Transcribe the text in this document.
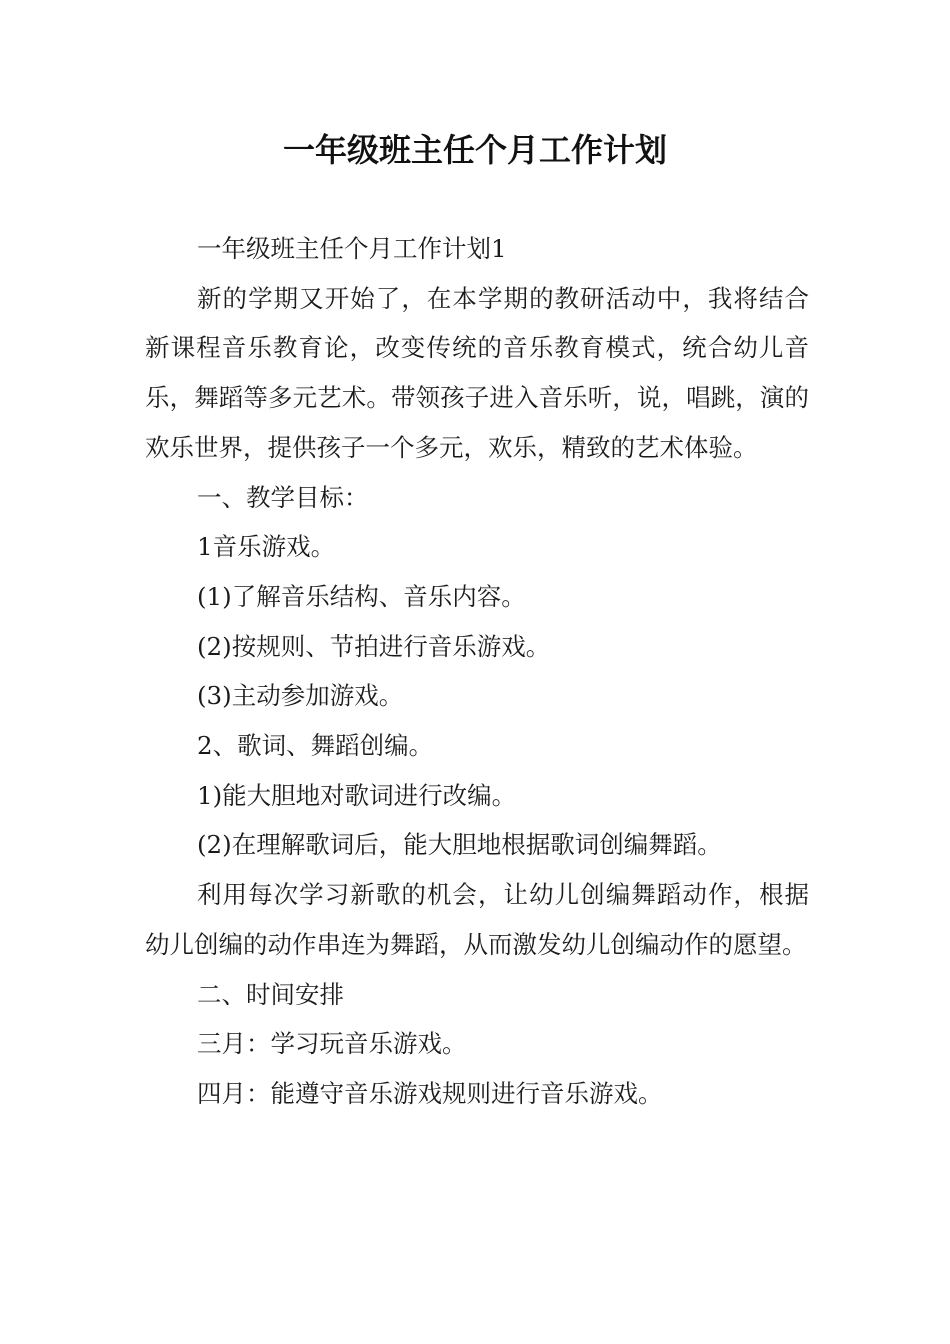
一年级班主任个月工作计划

一年级班主任个月工作计划1

新的学期又开始了，在本学期的教研活动中，我将结合新课程音乐教育论，改变传统的音乐教育模式，统合幼儿音乐，舞蹈等多元艺术。带领孩子进入音乐听，说，唱跳，演的欢乐世界，提供孩子一个多元，欢乐，精致的艺术体验。

一、教学目标：

1音乐游戏。

(1)了解音乐结构、音乐内容。

(2)按规则、节拍进行音乐游戏。

(3)主动参加游戏。

2、歌词、舞蹈创编。

1)能大胆地对歌词进行改编。

(2)在理解歌词后，能大胆地根据歌词创编舞蹈。

利用每次学习新歌的机会，让幼儿创编舞蹈动作，根据幼儿创编的动作串连为舞蹈，从而激发幼儿创编动作的愿望。

二、时间安排

三月：学习玩音乐游戏。

四月：能遵守音乐游戏规则进行音乐游戏。
